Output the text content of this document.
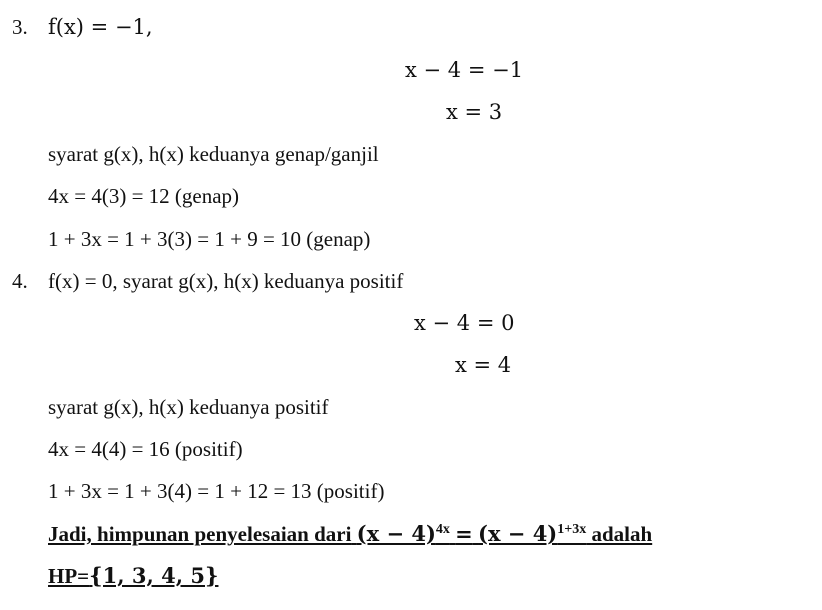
3. f(x) = −1,
x − 4 = −1
x = 3
syarat g(x), h(x) keduanya genap/ganjil
4x = 4(3) = 12 (genap)
1 + 3x = 1 + 3(3) = 1 + 9 = 10 (genap)
4. f(x) = 0, syarat g(x), h(x) keduanya positif
x − 4 = 0
x = 4
syarat g(x), h(x) keduanya positif
4x = 4(4) = 16 (positif)
1 + 3x = 1 + 3(4) = 1 + 12 = 13 (positif)
Jadi, himpunan penyelesaian dari $(x - 4)^{4x} = (x - 4)^{1+3x}$ adalah
HP={1, 3, 4, 5}
